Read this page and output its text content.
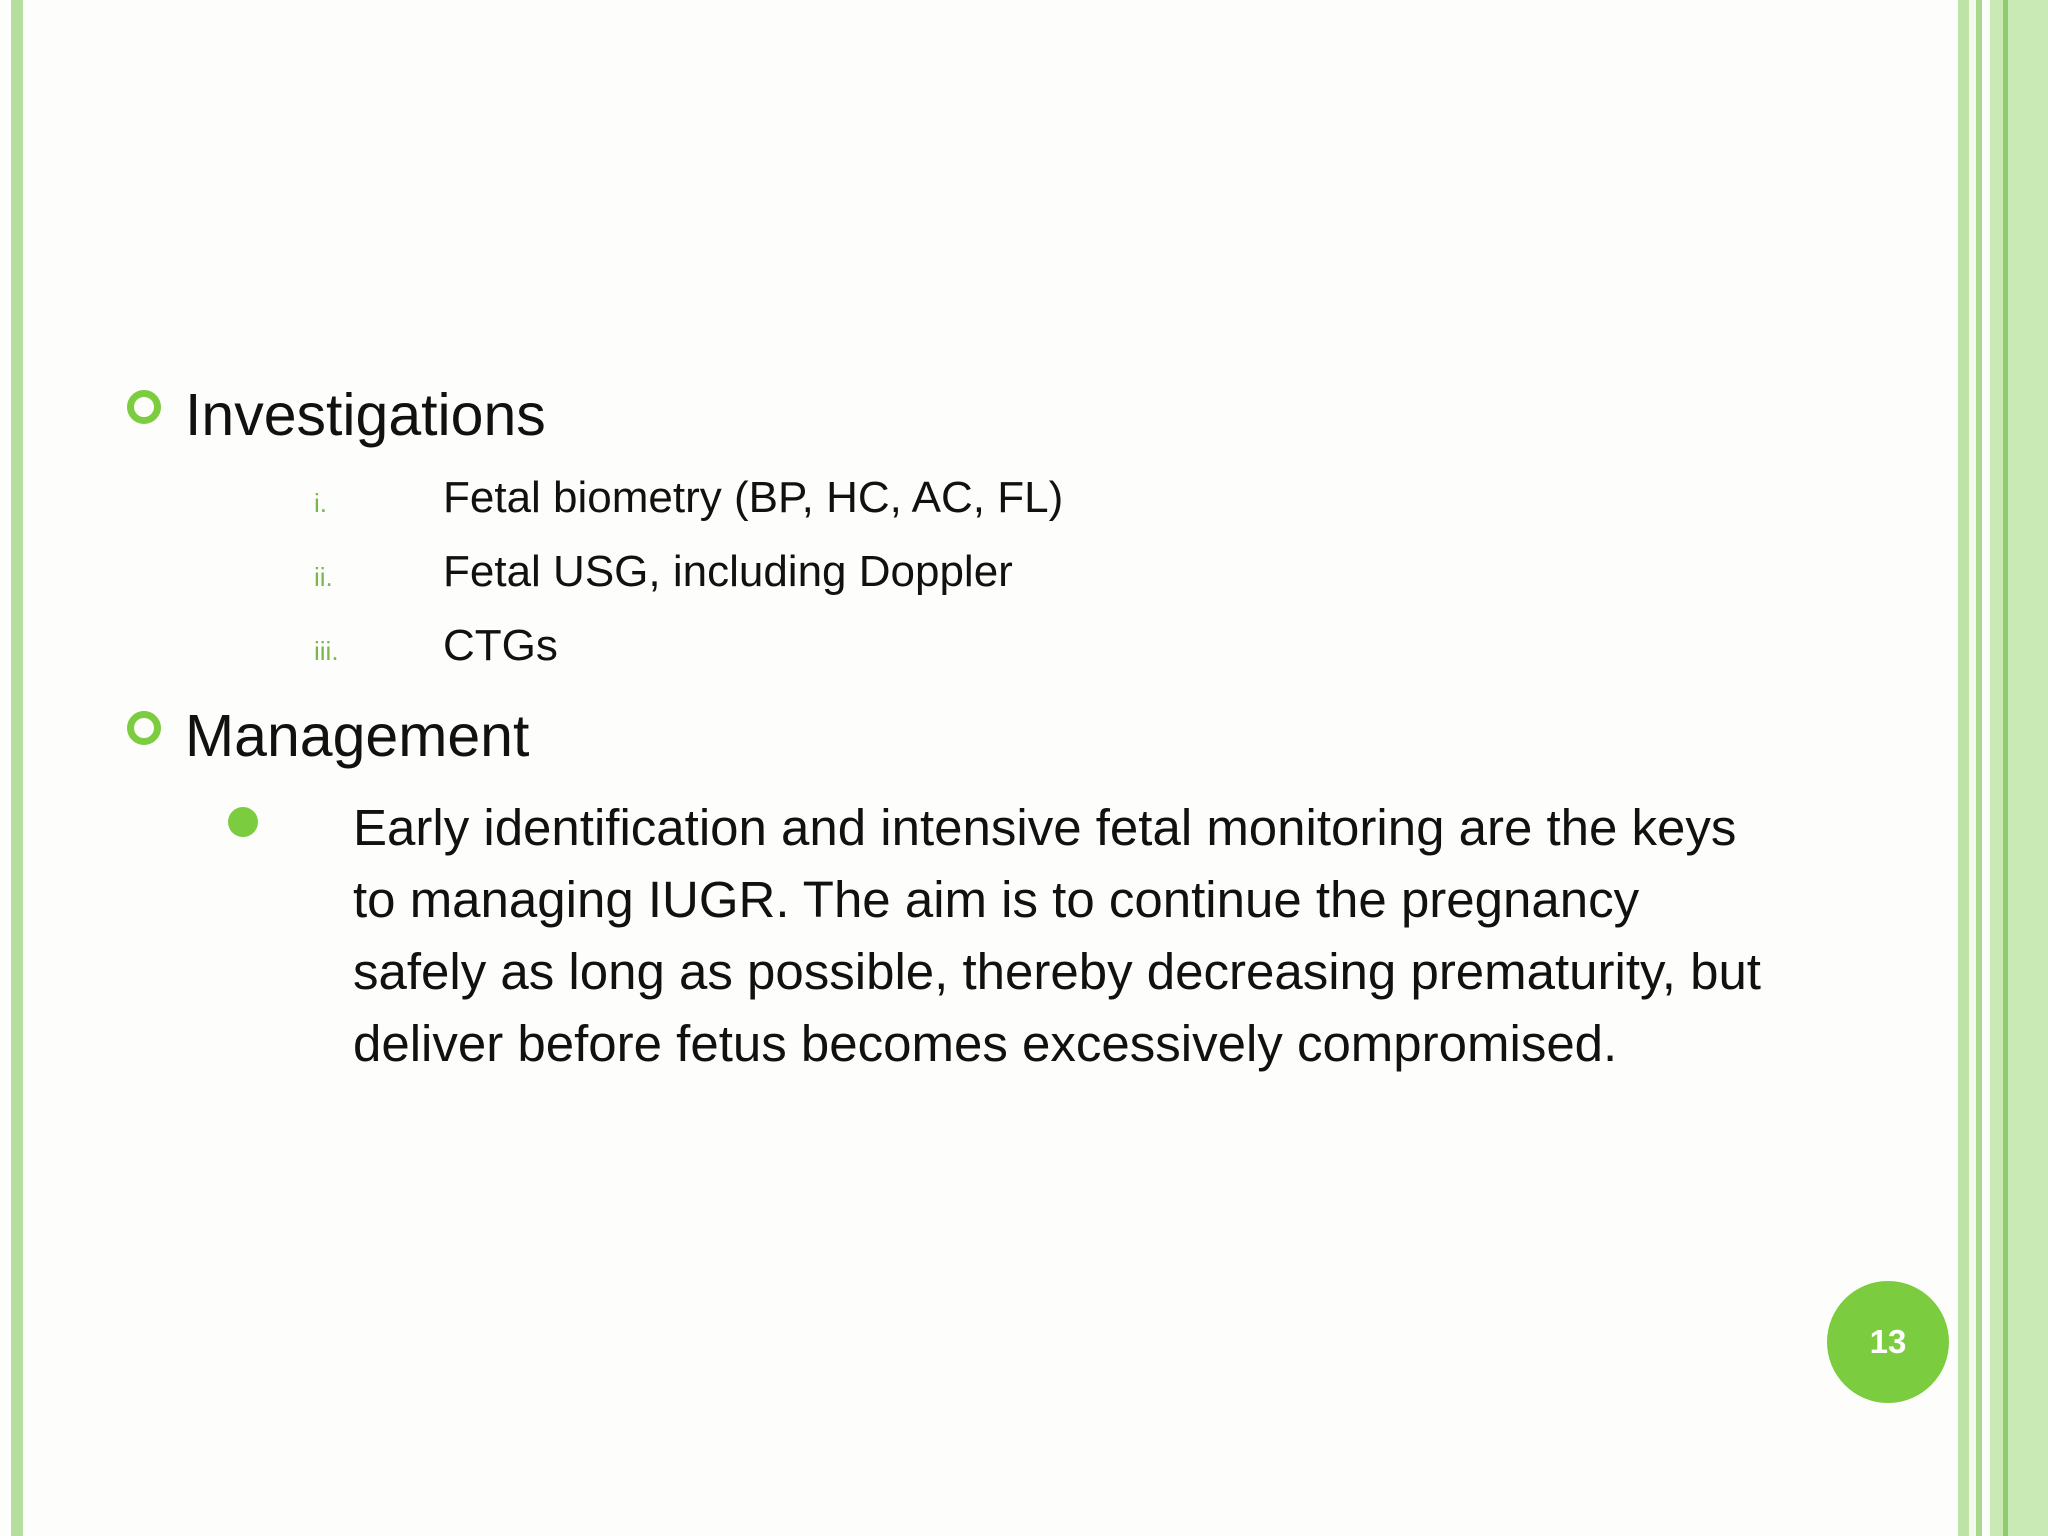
Investigations
i.	Fetal biometry (BP, HC, AC, FL)
ii.	Fetal USG, including Doppler
iii. CTGs
Management
Early identification and intensive fetal monitoring are the keys to managing IUGR. The aim is to continue the pregnancy safely as long as possible, thereby decreasing prematurity, but deliver before fetus becomes excessively compromised.
13
